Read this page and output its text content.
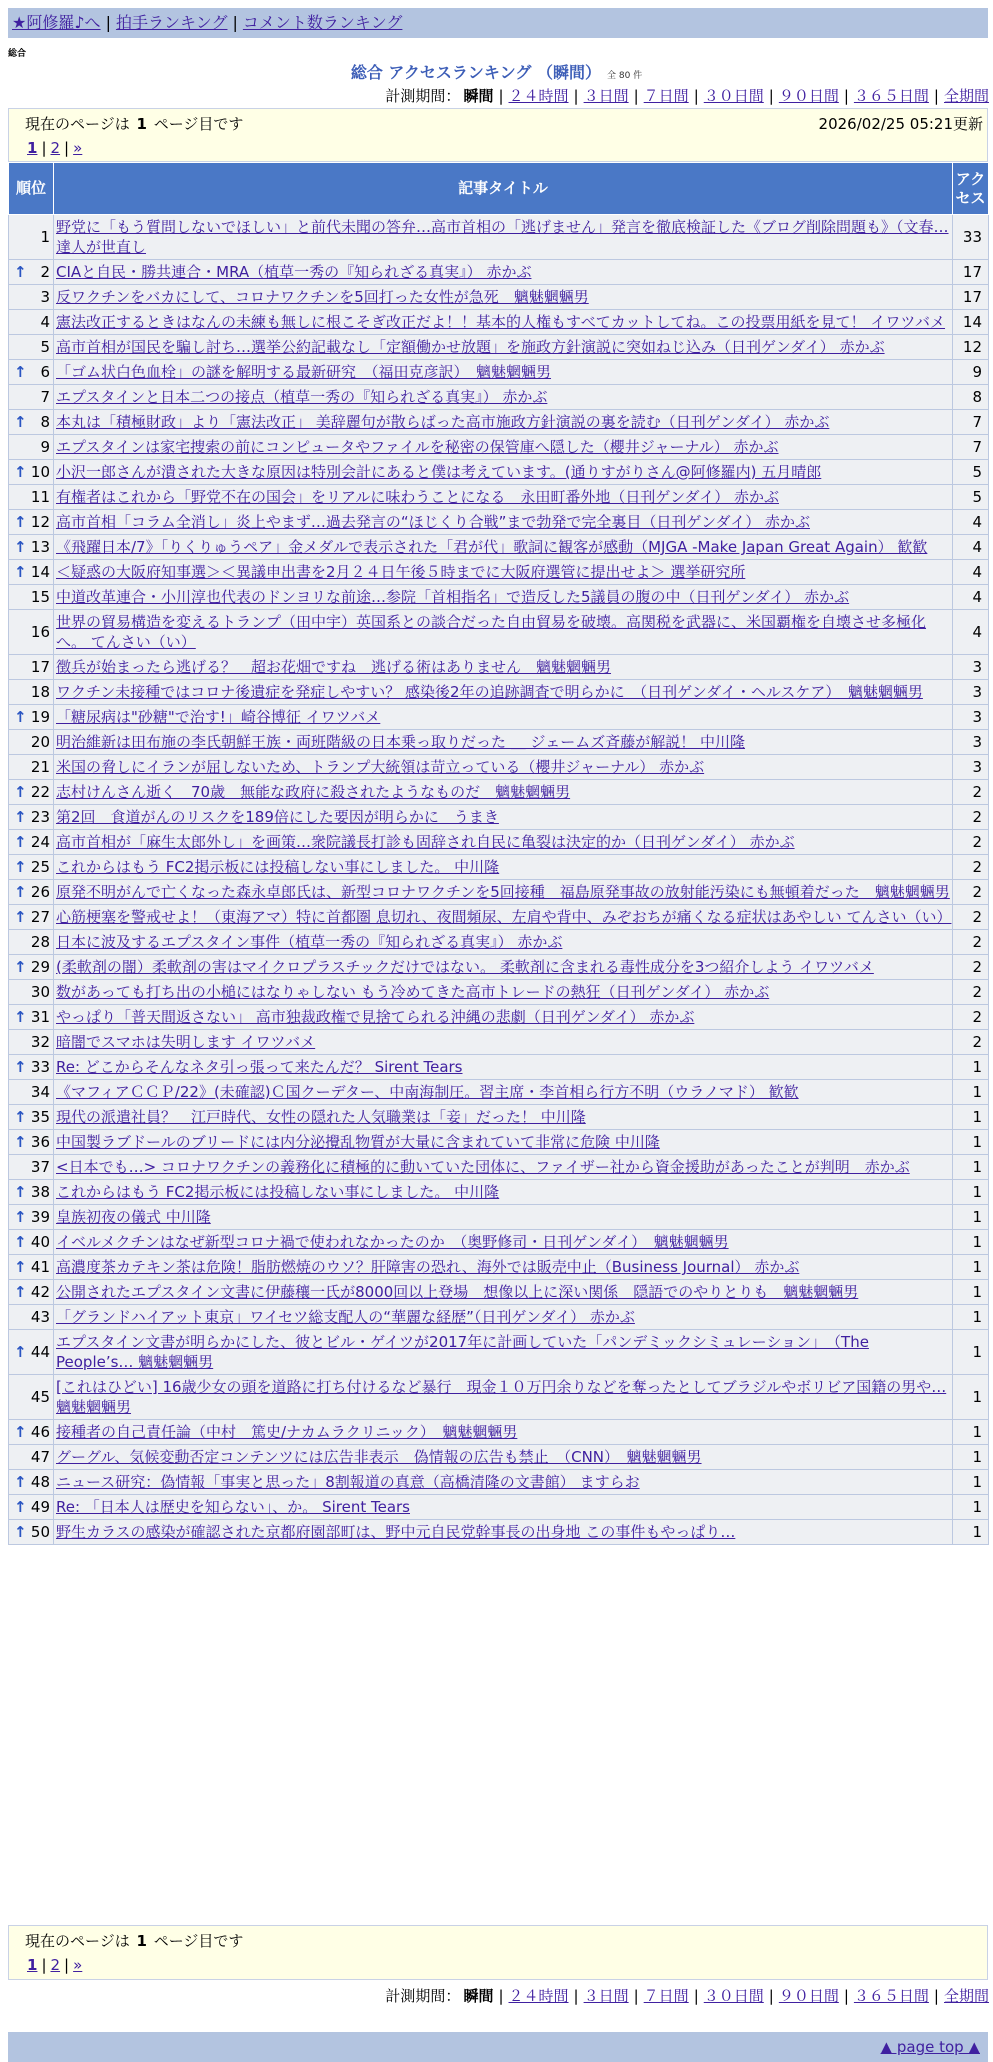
★阿修羅♪へ | 拍手ランキング | コメント数ランキング
総合
総合 アクセスランキング （瞬間） 全 80 件
計測期間： 瞬間 | ２４時間 | ３日間 | ７日間 | ３０日間 | ９０日間 | ３６５日間 | 全期間
現在のページは 1 ページ目です	2026/02/25 05:21更新
1 | 2 | »
順位	記事タイトル	アクセス
1	野党に「もう質問しないでほしい」と前代未聞の答弁…高市首相の「逃げません」発言を徹底検証した《ブログ削除問題も》（文春… 達人が世直し	33

↑ 2	CIAと自民・勝共連合・MRA（植草一秀の『知られざる真実』） 赤かぶ	17
3	反ワクチンをバカにして、コロナワクチンを5回打った女性が急死　魑魅魍魎男	17
4	憲法改正するときはなんの未練も無しに根こそぎ改正だよ！！基本的人権もすべてカットしてね。この投票用紙を見て！ イワツバメ	14
5	高市首相が国民を騙し討ち…選挙公約記載なし「定額働かせ放題」を施政方針演説に突如ねじ込み（日刊ゲンダイ） 赤かぶ	12

↑ 6	「ゴム状白色血栓」の謎を解明する最新研究　（福田克彦訳）　魑魅魍魎男	9
7	エプスタインと日本二つの接点（植草一秀の『知られざる真実』） 赤かぶ	8

↑ 8	本丸は「積極財政」より「憲法改正」 美辞麗句が散らばった高市施政方針演説の裏を読む（日刊ゲンダイ） 赤かぶ	7
9	エプスタインは家宅捜索の前にコンピュータやファイルを秘密の保管庫へ隠した（櫻井ジャーナル） 赤かぶ	7

↑ 10	小沢一郎さんが潰された大きな原因は特別会計にあると僕は考えています。(通りすがりさん@阿修羅内) 五月晴郎	5
11	有権者はこれから「野党不在の国会」をリアルに味わうことになる　永田町番外地（日刊ゲンダイ） 赤かぶ	5

↑ 12	高市首相「コラム全消し」炎上やまず…過去発言の“ほじくり合戦”まで勃発で完全裏目（日刊ゲンダイ） 赤かぶ	4

↑ 13	《飛躍日本/7》「りくりゅうペア」金メダルで表示された「君が代」歌詞に観客が感動（MJGA -Make Japan Great Again） 歓歓	4

↑ 14	＜疑惑の大阪府知事選＞＜異議申出書を2月２４日午後５時までに大阪府選管に提出せよ＞ 選挙研究所	4
15	中道改革連合・小川淳也代表のドンヨリな前途…参院「首相指名」で造反した5議員の腹の中（日刊ゲンダイ） 赤かぶ	4
16	世界の貿易構造を変えるトランプ（田中宇）英国系との談合だった自由貿易を破壊。高関税を武器に、米国覇権を自壊させ多極化へ。 てんさい（い）	4
17	徴兵が始まったら逃げる？　超お花畑ですね　逃げる術はありません　魑魅魍魎男	3
18	ワクチン未接種ではコロナ後遺症を発症しやすい？ 感染後2年の追跡調査で明らかに　（日刊ゲンダイ・ヘルスケア）　魑魅魍魎男	3

↑ 19	「糖尿病は"砂糖"で治す!」崎谷博征 イワツバメ	3
20	明治維新は田布施の李氏朝鮮王族・両班階級の日本乗っ取りだった ＿ ジェームズ斉藤が解説！ 中川隆	3
21	米国の脅しにイランが屈しないため、トランプ大統領は苛立っている（櫻井ジャーナル） 赤かぶ	3

↑ 22	志村けんさん逝く　70歳　無能な政府に殺されたようなものだ　魑魅魍魎男	2

↑ 23	第2回　食道がんのリスクを189倍にした要因が明らかに　うまき	2

↑ 24	高市首相が「麻生太郎外し」を画策…衆院議長打診も固辞され自民に亀裂は決定的か（日刊ゲンダイ） 赤かぶ	2

↑ 25	これからはもう FC2掲示板には投稿しない事にしました。 中川隆	2

↑ 26	原発不明がんで亡くなった森永卓郎氏は、新型コロナワクチンを5回接種　福島原発事故の放射能汚染にも無頓着だった　魑魅魍魎男	2

↑ 27	心筋梗塞を警戒せよ！（東海アマ）特に首都圏 息切れ、夜間頻尿、左肩や背中、みぞおちが痛くなる症状はあやしい てんさい（い）	2
28	日本に波及するエプスタイン事件（植草一秀の『知られざる真実』） 赤かぶ	2

↑ 29	(柔軟剤の闇）柔軟剤の害はマイクロプラスチックだけではない。 柔軟剤に含まれる毒性成分を3つ紹介しよう イワツバメ	2
30	数があっても打ち出の小槌にはなりゃしない もう冷めてきた高市トレードの熱狂（日刊ゲンダイ） 赤かぶ	2

↑ 31	やっぱり「普天間返さない」 高市独裁政権で見捨てられる沖縄の悲劇（日刊ゲンダイ） 赤かぶ	2
32	暗闇でスマホは失明します イワツバメ	2

↑ 33	Re: どこからそんなネタ引っ張って来たんだ？ Sirent Tears	1
34	《マフィアＣＣＰ/22》(未確認)Ｃ国クーデター、中南海制圧。習主席・李首相ら行方不明（ウラノマド） 歓歓	1

↑ 35	現代の派遣社員？　江戸時代、女性の隠れた人気職業は「妾」だった！ 中川隆	1

↑ 36	中国製ラブドールのブリードには内分泌攪乱物質が大量に含まれていて非常に危険 中川隆	1
37	<日本でも…> コロナワクチンの義務化に積極的に動いていた団体に、ファイザー社から資金援助があったことが判明　赤かぶ	1

↑ 38	これからはもう FC2掲示板には投稿しない事にしました。 中川隆	1

↑ 39	皇族初夜の儀式 中川隆	1

↑ 40	イベルメクチンはなぜ新型コロナ禍で使われなかったのか　（奥野修司・日刊ゲンダイ）　魑魅魍魎男	1

↑ 41	高濃度茶カテキン茶は危険！脂肪燃焼のウソ？肝障害の恐れ、海外では販売中止（Business Journal） 赤かぶ	1

↑ 42	公開されたエプスタイン文書に伊藤穰一氏が8000回以上登場　想像以上に深い関係　隠語でのやりとりも　魑魅魍魎男	1
43	「グランドハイアット東京」ワイセツ総支配人の“華麗な経歴”（日刊ゲンダイ） 赤かぶ	1

↑ 44	エプスタイン文書が明らかにした、彼とビル・ゲイツが2017年に計画していた「パンデミックシミュレーション」　（The People’s… 魑魅魍魎男	1
45	[これはひどい] 16歳少女の頭を道路に打ち付けるなど暴行　現金１０万円余りなどを奪ったとしてブラジルやボリビア国籍の男や… 魑魅魍魎男	1

↑ 46	接種者の自己責任論（中村　篤史/ナカムラクリニック）　魑魅魍魎男	1
47	グーグル、気候変動否定コンテンツには広告非表示　偽情報の広告も禁止　（CNN）　魑魅魍魎男	1

↑ 48	ニュース研究：偽情報「事実と思った」8割報道の真意（高橋清隆の文書館） ますらお	1

↑ 49	Re: 「日本人は歴史を知らない」、か。 Sirent Tears	1

↑ 50	野生カラスの感染が確認された京都府園部町は、野中元自民党幹事長の出身地 この事件もやっぱり…	1
現在のページは 1 ページ目です
1 | 2 | »
計測期間： 瞬間 | ２４時間 | ３日間 | ７日間 | ３０日間 | ９０日間 | ３６５日間 | 全期間
▲ page top ▲
